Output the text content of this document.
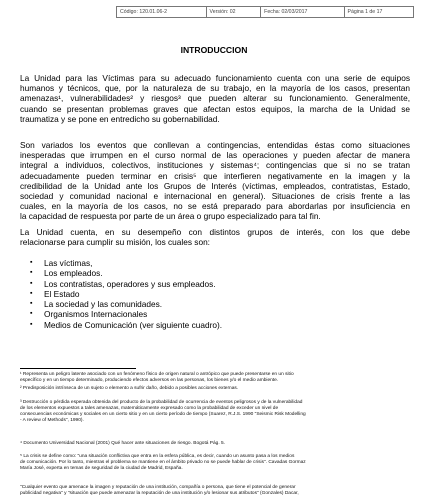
Código: 120.01.06-2	Versión: 02	Fecha: 02/03/2017	Página 1 de 17
INTRODUCCION
La Unidad para las Víctimas para su adecuado funcionamiento cuenta con una serie de equipos
humanos y técnicos, que, por la naturaleza de su trabajo, en la mayoría de los casos, presentan
amenazas¹, vulnerabilidades² y riesgos³ que pueden alterar su funcionamiento. Generalmente,
cuando se presentan problemas graves que afectan estos equipos, la marcha de la Unidad se
traumatiza y se pone en entredicho su gobernabilidad.
Son variados los eventos que conllevan a contingencias, entendidas éstas como situaciones
inesperadas que irrumpen en el curso normal de las operaciones y pueden afectar de manera
integral a individuos, colectivos, instituciones y sistemas⁴; contingencias que si no se tratan
adecuadamente pueden terminar en crisis⁵ que interfieren negativamente en la imagen y la
credibilidad de la Unidad ante los Grupos de Interés (víctimas, empleados, contratistas, Estado,
sociedad y comunidad nacional e internacional en general). Situaciones de crisis frente a las
cuales, en la mayoría de los casos, no se está preparado para abordarlas por insuficiencia en
la capacidad de respuesta por parte de un área o grupo especializado para tal fin.
La Unidad cuenta, en su desempeño con distintos grupos de interés, con los que debe
relacionarse para cumplir su misión, los cuales son:
▪ Las víctimas,
▪ Los empleados.
▪ Los contratistas, operadores y sus empleados.
▪ El Estado
▪ La sociedad y las comunidades.
▪ Organismos Internacionales
▪ Medios de Comunicación (ver siguiente cuadro).
¹ Representa un peligro latente asociado con un fenómeno físico de origen natural o antrópico que puede presentarse en un sitio
específico y en un tiempo determinado, produciendo efectos adversos en las personas, los bienes y/o el medio ambiente.
² Predisposición intrínseca de un sujeto o elemento a sufrir daño, debido a posibles acciones externas.
³ Destrucción o pérdida esperada obtenida del producto de la probabilidad de ocurrencia de eventos peligrosos y de la vulnerabilidad
de los elementos expuestos a tales amenazas, matemáticamente expresado como la probabilidad de exceder un nivel de
consecuencias económicas y sociales en un cierto sitio y en un cierto período de tiempo (Suarez, R.J.S. 1990 "Seismic Risk Modelling
- A review of Methods", 1990).
⁴ Documento Universidad Nacional (2001) Qué hacer ante situaciones de riesgo. Bogotá Pág. 5.
⁵ La crisis se define como: "una situación conflictiva que entra en la esfera pública, es decir, cuando un asunto pasa a los medios
de comunicación. Por lo tanto, mientras el problema se mantiene en el ámbito privado no se puede hablar de crisis". Cavadas Gormaz
María José, experta en temas de seguridad de la ciudad de Madrid, España.
"Cualquier evento que amenace la imagen y reputación de una institución, compañía o persona, que tiene el potencial de generar
publicidad negativa" y "situación que puede amenazar la reputación de una institución y/o lesionar sus atributos" (Gonzales) Dacar,
